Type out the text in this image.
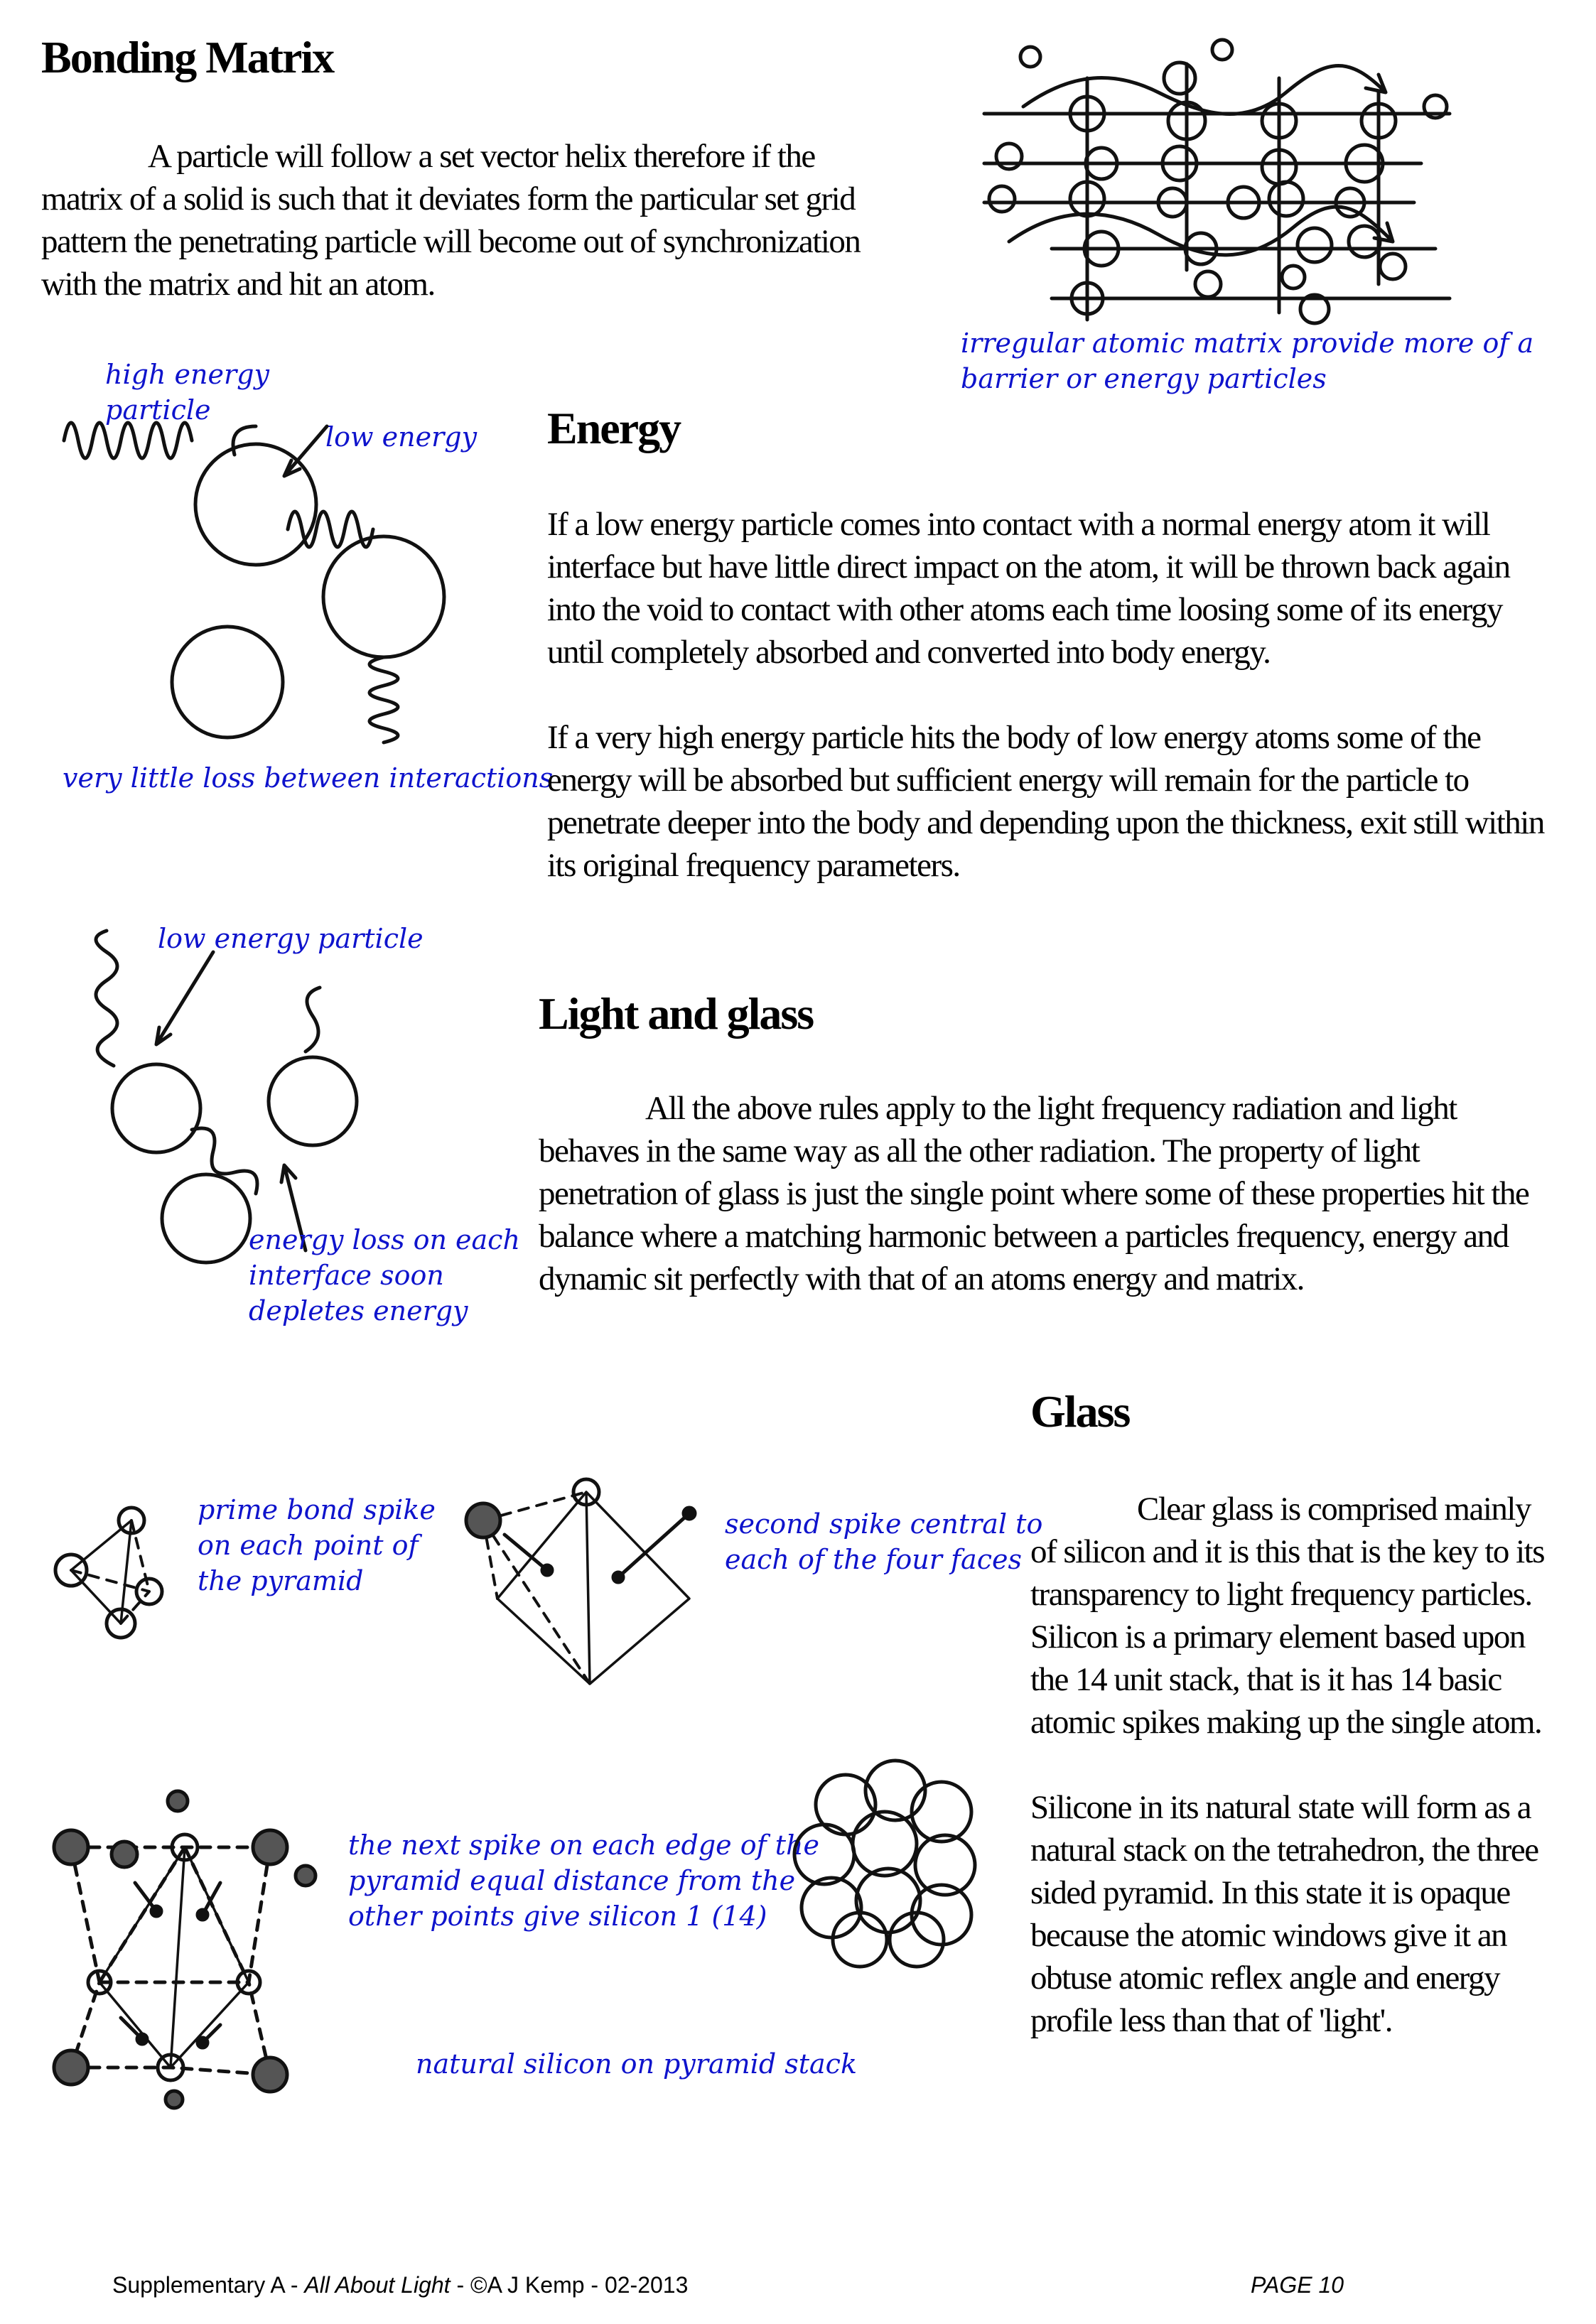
Bonding Matrix

A particle will follow a set vector helix therefore if the matrix of a solid is such that it deviates form the particular set grid pattern the penetrating particle will become out of synchronization with the matrix and hit an atom.

irregular atomic matrix provide more of a
barrier or energy particles
high energy
particle
low energy
very little loss between interactions
Energy

If a low energy particle comes into contact with a normal energy atom it will interface but have little direct impact on the atom, it will be thrown back again into the void to contact with other atoms each time loosing some of its energy until completely absorbed and converted into body energy.

If a very high energy particle hits the body of low energy atoms some of the energy will be absorbed but sufficient energy will remain for the particle to penetrate deeper into the body and depending upon the thickness, exit still within its original frequency parameters.

low energy particle
energy loss on each
interface soon
depletes energy
Light and glass

All the above rules apply to the light frequency radiation and light behaves in the same way as all the other radiation. The property of light penetration of glass is just the single point where some of these properties hit the balance where a matching harmonic between a particles frequency, energy and dynamic sit perfectly with that of an atoms energy and matrix.

Glass

Clear glass is comprised mainly of silicon and it is this that is the key to its transparency to light frequency particles. Silicon is a primary element based upon the 14 unit stack, that is it has 14 basic atomic spikes making up the single atom.

Silicone in its natural state will form as a natural stack on the tetrahedron, the three sided pyramid. In this state it is opaque because the atomic windows give it an obtuse atomic reflex angle and energy profile less than that of 'light'.

prime bond spike
on each point of
the pyramid
second spike central to
each of the four faces
the next spike on each edge of the
pyramid equal distance from the
other points give silicon 1 (14)
natural silicon on pyramid stack
Supplementary A - All About Light - ©A J Kemp - 02-2013	PAGE 10
